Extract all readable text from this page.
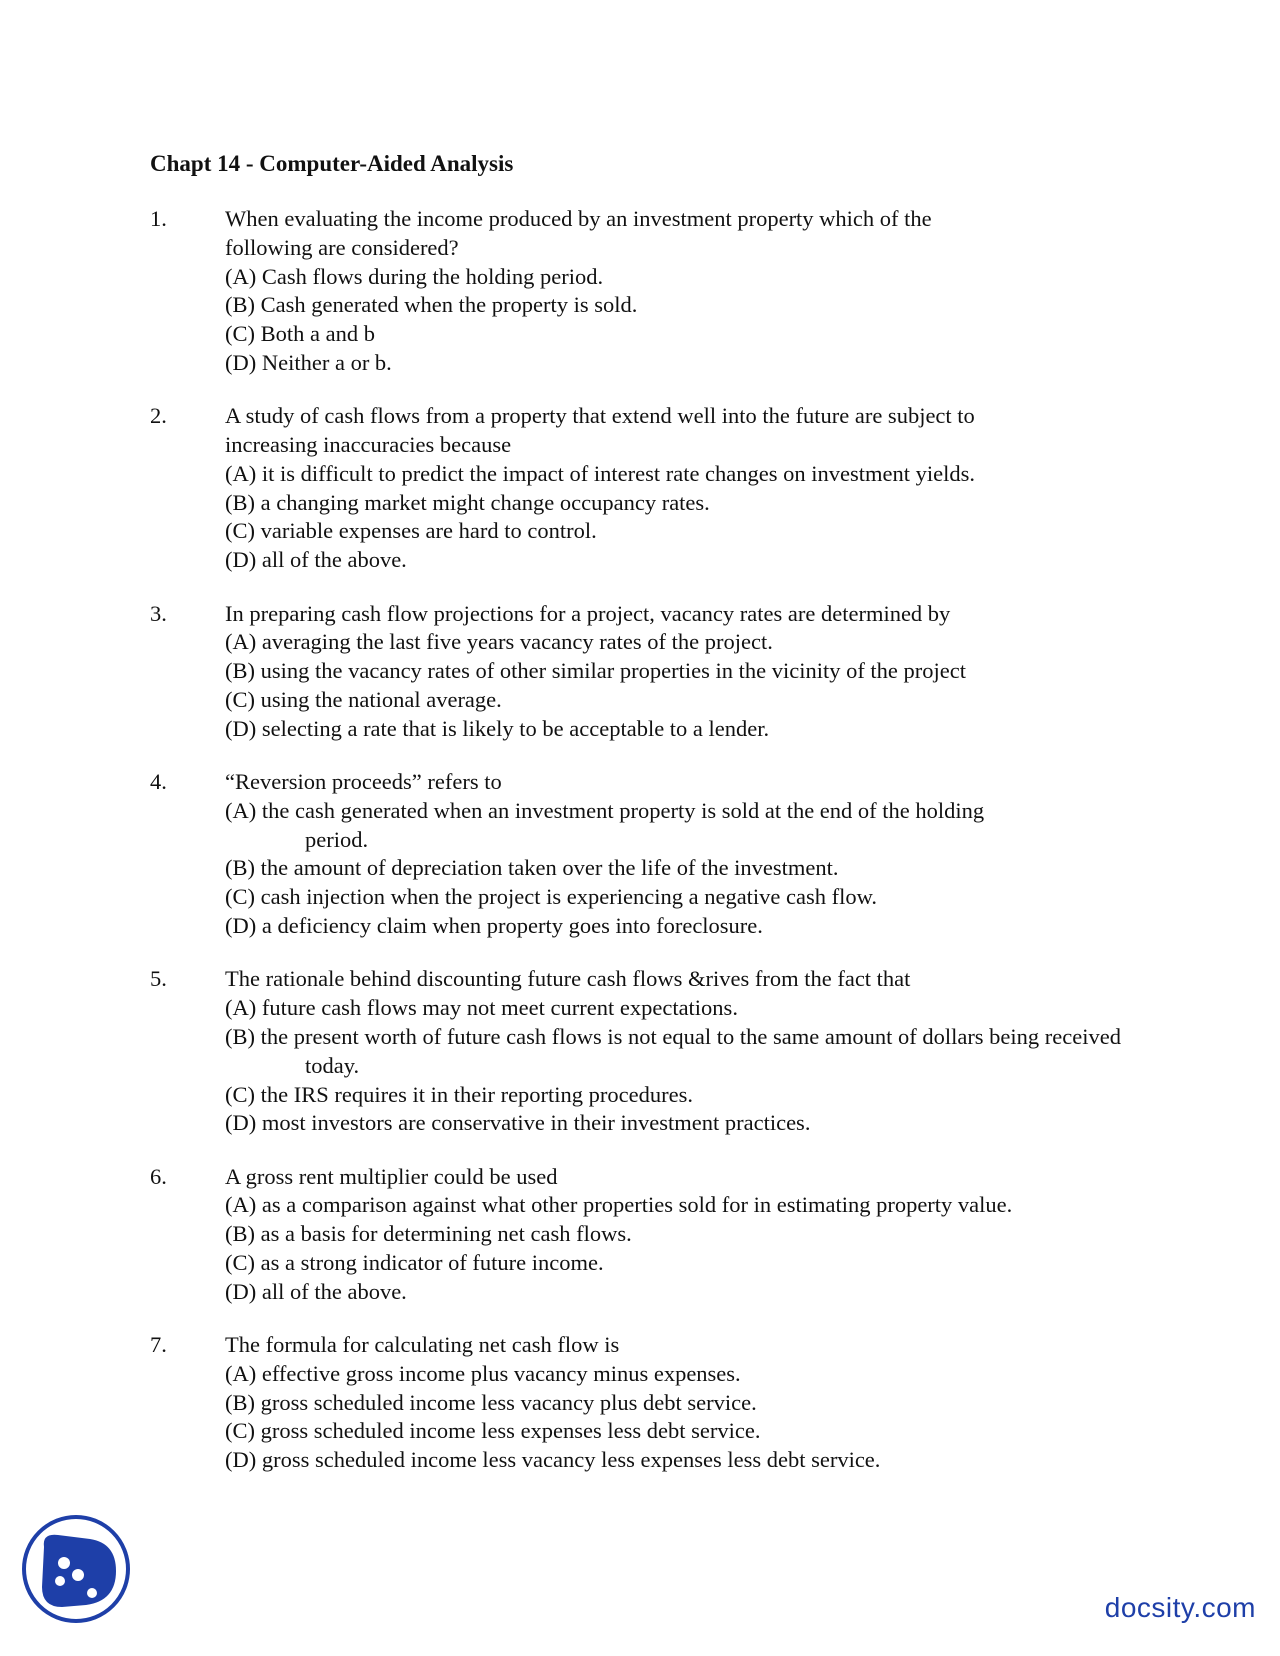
Chapt 14 - Computer-Aided Analysis
1.	When evaluating the income produced by an investment property which of the following are considered?
(A) Cash flows during the holding period.
(B) Cash generated when the property is sold.
(C) Both a and b
(D) Neither a or b.
2.	A study of cash flows from a property that extend well into the future are subject to increasing inaccuracies because
(A) it is difficult to predict the impact of interest rate changes on investment yields.
(B) a changing market might change occupancy rates.
(C) variable expenses are hard to control.
(D) all of the above.
3.	In preparing cash flow projections for a project, vacancy rates are determined by
(A) averaging the last five years vacancy rates of the project.
(B) using the vacancy rates of other similar properties in the vicinity of the project
(C) using the national average.
(D) selecting a rate that is likely to be acceptable to a lender.
4.	“Reversion proceeds” refers to
(A) the cash generated when an investment property is sold at the end of the holding period.
(B) the amount of depreciation taken over the life of the investment.
(C) cash injection when the project is experiencing a negative cash flow.
(D) a deficiency claim when property goes into foreclosure.
5.	The rationale behind discounting future cash flows &rives from the fact that
(A) future cash flows may not meet current expectations.
(B) the present worth of future cash flows is not equal to the same amount of dollars being received today.
(C) the IRS requires it in their reporting procedures.
(D) most investors are conservative in their investment practices.
6.	A gross rent multiplier could be used
(A) as a comparison against what other properties sold for in estimating property value.
(B) as a basis for determining net cash flows.
(C) as a strong indicator of future income.
(D) all of the above.
7.	The formula for calculating net cash flow is
(A) effective gross income plus vacancy minus expenses.
(B) gross scheduled income less vacancy plus debt service.
(C) gross scheduled income less expenses less debt service.
(D) gross scheduled income less vacancy less expenses less debt service.
docsity.com
